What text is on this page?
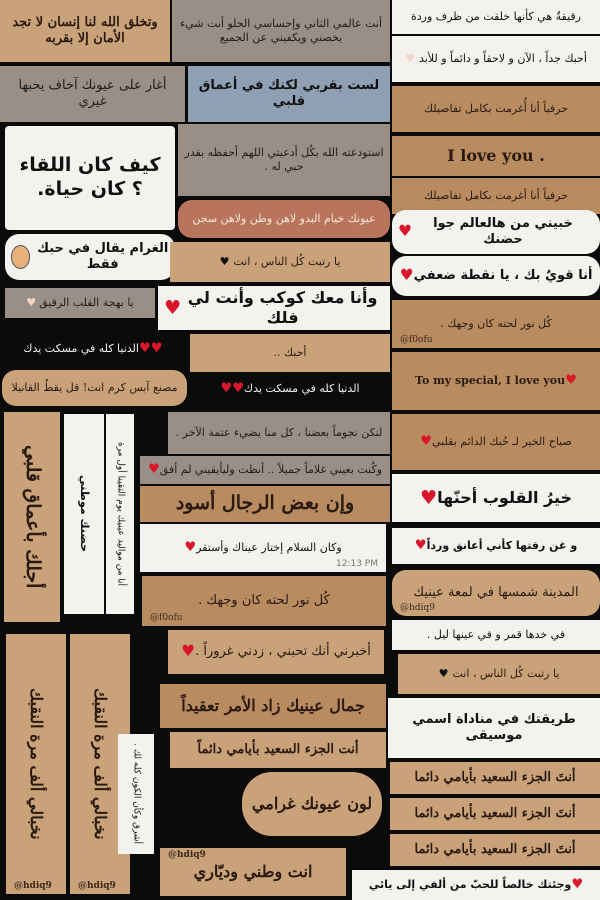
وتخلق الله لنا إنسان لا تجد الأمان إلا بقربه
أنت عالمي الثاني وإحساسي الحلو أنت شيء يخصني ويكفيني عن الجميع
رقيقةٌ هي كأنها خلقت من ظرف وردة
أحبك جداً ، الآن و لاحقاً و دائماً و للأبد
♥
أغار على عيونك آخاف يحبها غيري
لست بقربي لكنك في أعماق قلبي	حرفياً أنا أُغرمت بكامل تفاصيلك
كيف كان اللقاء ؟ كان حياة.
استودعته الله بكُل أدعيتي اللهم أحفظه بقدر حبي له .
I love you .
حرفياً أنا أغرمت بكامل تفاصيلك
عيونك خيام البدو لاهن وطن ولاهن سجن	خبيني من هالعالم جوا حضنك
♥
الغرام يقال في حبك فقط	يا رتبت كُل الناس ، انت
♥
أنا قويٌ بك ، يا نقطة ضعفي
♥
يا بهجة القلب الرقيق
♥	وأنا معك كوكب وأنت لي فلك
♥
كُل نور لحته كان وجهك .
@f0ofu
♥♥
الدنيا كله في مسكت يدك	أحبك ..
To my special, I love you ♥
مصنع آبس كرم انت! قل يقطُ القانيلا	الدنيا كله في مسكت يدك
♥♥
لنكن نجوماً بعضنا ، كل منا يضيء عتمة الآخر .
صباح الخير لـ حُبك الدائم بقلبي
♥
أجلك بأعماق قلبي	حضنك موطني	أنا من مواليد عينيك يوم التقينا أول مرة	وكُنت بعيني غلاماً جميلاً .. أنظت وليأيقيني لم أفق
♥
وإن بعض الرجال أسود	خيرُ القلوب أحنّها
♥
وكان السلام إختار عيناك وأستقر
♥
12:13 PM
و غن رقتها كأني أعانق ورداً
♥
كُل نور لحته كان وجهك .
@f0ofu
المدينة شمسها في لمعة عينيك
@hdiq9
في خدها قمر و في عينها ليل .
نخبالي ألف مرة النقبك
@hdiq9
نخبالي ألف مرة النقبك
@hdiq9
أخبرني أنك تحبني ، زدني غروراً .
♥
يا رتبت كُل الناس ، انت
♥
جمال عينيك زاد الأمر تعقيداً
طريقتك في مناداة اسمي موسيقى
أشرق وكأن الكون كله لك .	أنت الجزء السعيد بأيامي دائماً
أنتَ الجزء السعيد بأيامي دائما
لون عيونك غرامي
أنتَ الجزء السعيد بأيامي دائما
أنتَ الجزء السعيد بأيامي دائما
انت وطني وديّاري
@hdiq9
♥
وجئتك خالصاً للحبّ من ألفي إلى يائي
